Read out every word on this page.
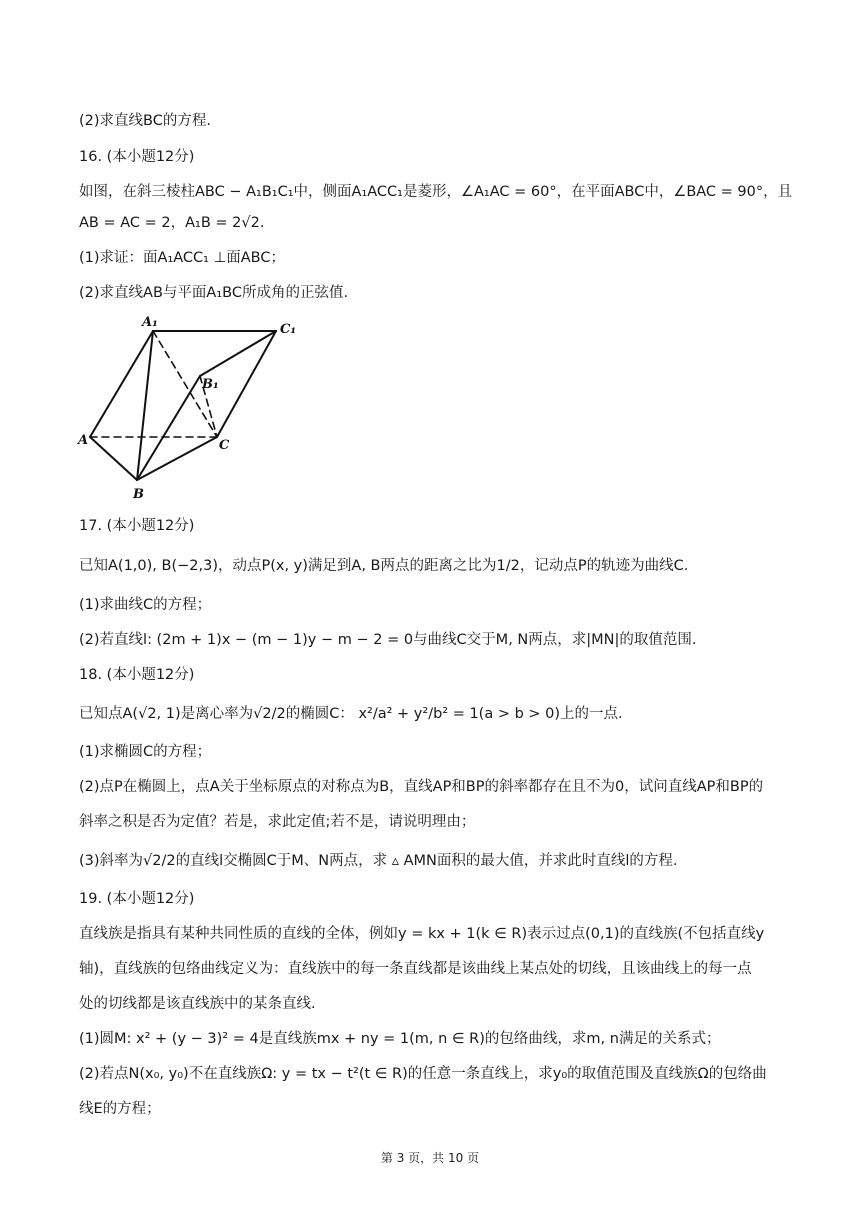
(2)求直线BC的方程.
16. (本小题12分)
如图，在斜三棱柱ABC − A₁B₁C₁中，侧面A₁ACC₁是菱形，∠A₁AC = 60°，在平面ABC中，∠BAC = 90°，且
AB = AC = 2，A₁B = 2√2.
(1)求证：面A₁ACC₁ ⊥面ABC；
(2)求直线AB与平面A₁BC所成角的正弦值.
A₁	C₁
B₁
A	C
B
17. (本小题12分)
已知A(1,0), B(−2,3)，动点P(x, y)满足到A, B两点的距离之比为1/2，记动点P的轨迹为曲线C.
(1)求曲线C的方程；
(2)若直线l: (2m + 1)x − (m − 1)y − m − 2 = 0与曲线C交于M, N两点，求|MN|的取值范围.
18. (本小题12分)
已知点A(√2, 1)是离心率为√2/2的椭圆C： x²/a² + y²/b² = 1(a > b > 0)上的一点.
(1)求椭圆C的方程；
(2)点P在椭圆上，点A关于坐标原点的对称点为B，直线AP和BP的斜率都存在且不为0，试问直线AP和BP的
斜率之积是否为定值？若是，求此定值;若不是，请说明理由；
(3)斜率为√2/2的直线l交椭圆C于M、N两点，求 ▵ AMN面积的最大值，并求此时直线l的方程.
19. (本小题12分)
直线族是指具有某种共同性质的直线的全体，例如y = kx + 1(k ∈ R)表示过点(0,1)的直线族(不包括直线y
轴)，直线族的包络曲线定义为：直线族中的每一条直线都是该曲线上某点处的切线，且该曲线上的每一点
处的切线都是该直线族中的某条直线.
(1)圆M: x² + (y − 3)² = 4是直线族mx + ny = 1(m, n ∈ R)的包络曲线，求m, n满足的关系式；
(2)若点N(x₀, y₀)不在直线族Ω: y = tx − t²(t ∈ R)的任意一条直线上，求y₀的取值范围及直线族Ω的包络曲
线E的方程；
第 3 页，共 10 页
